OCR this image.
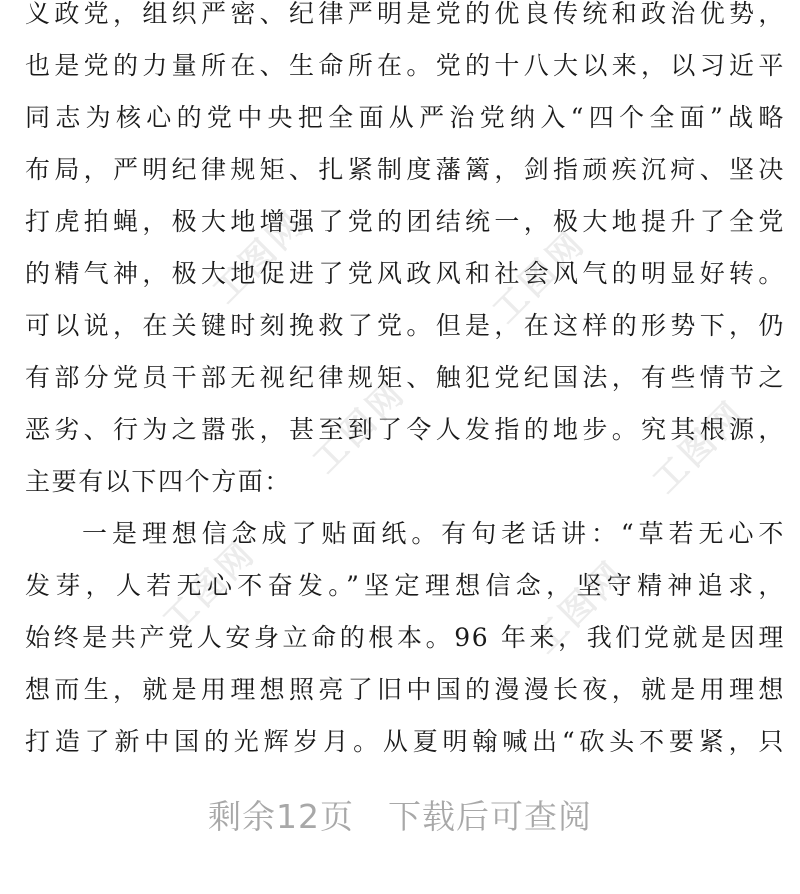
工图网	工图网
工图网	工图网
工图网	工图网
义政党，组织严密、纪律严明是党的优良传统和政治优势，
也是党的力量所在、生命所在。党的十八大以来，以习近平
同志为核心的党中央把全面从严治党纳入“四个全面”战略
布局，严明纪律规矩、扎紧制度藩篱，剑指顽疾沉疴、坚决
打虎拍蝇，极大地增强了党的团结统一，极大地提升了全党
的精气神，极大地促进了党风政风和社会风气的明显好转。
可以说，在关键时刻挽救了党。但是，在这样的形势下，仍
有部分党员干部无视纪律规矩、触犯党纪国法，有些情节之
恶劣、行为之嚣张，甚至到了令人发指的地步。究其根源，
主要有以下四个方面：
一是理想信念成了贴面纸。有句老话讲：“草若无心不
发芽，人若无心不奋发。”坚定理想信念，坚守精神追求，
始终是共产党人安身立命的根本。96 年来，我们党就是因理
想而生，就是用理想照亮了旧中国的漫漫长夜，就是用理想
打造了新中国的光辉岁月。从夏明翰喊出“砍头不要紧，只
剩余12页 下载后可查阅
